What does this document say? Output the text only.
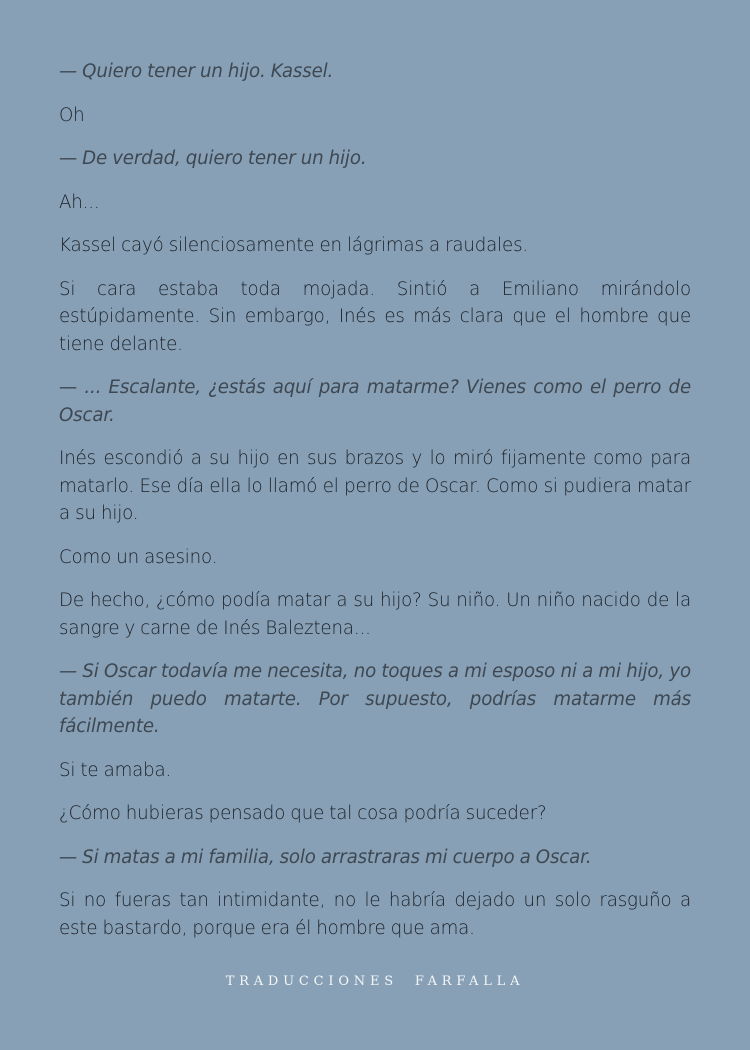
— Quiero tener un hijo. Kassel.

Oh

— De verdad, quiero tener un hijo.

Ah...

Kassel cayó silenciosamente en lágrimas a raudales.

Si cara estaba toda mojada. Sintió a Emiliano mirándolo estúpidamente. Sin embargo, Inés es más clara que el hombre que tiene delante.

— ... Escalante, ¿estás aquí para matarme? Vienes como el perro de Oscar.

Inés escondió a su hijo en sus brazos y lo miró fijamente como para matarlo. Ese día ella lo llamó el perro de Oscar. Como si pudiera matar a su hijo.

Como un asesino.

De hecho, ¿cómo podía matar a su hijo? Su niño. Un niño nacido de la sangre y carne de Inés Baleztena...

— Si Oscar todavía me necesita, no toques a mi esposo ni a mi hijo, yo también puedo matarte. Por supuesto, podrías matarme más fácilmente.

Si te amaba.

¿Cómo hubieras pensado que tal cosa podría suceder?

— Si matas a mi familia, solo arrastraras mi cuerpo a Oscar.

Si no fueras tan intimidante, no le habría dejado un solo rasguño a este bastardo, porque era él hombre que ama.

TRADUCCIONES FARFALLA
